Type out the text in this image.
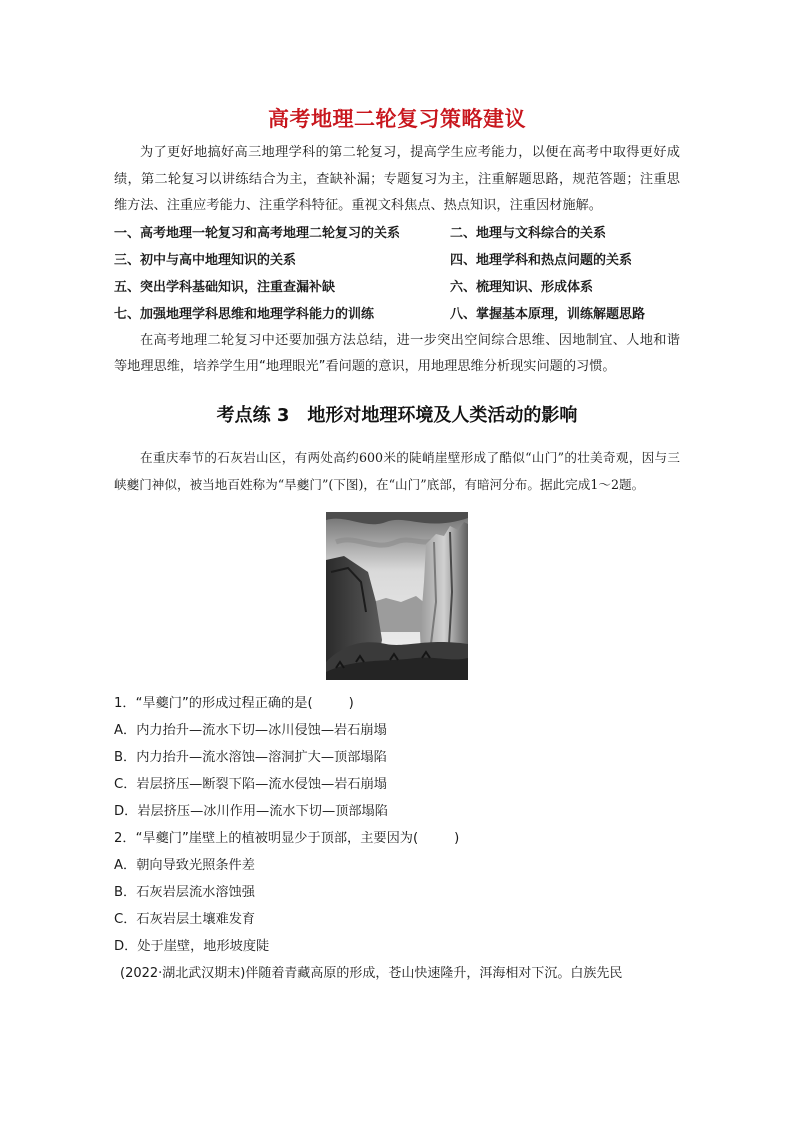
高考地理二轮复习策略建议

为了更好地搞好高三地理学科的第二轮复习，提高学生应考能力，以便在高考中取得更好成绩，第二轮复习以讲练结合为主，查缺补漏；专题复习为主，注重解题思路，规范答题；注重思维方法、注重应考能力、注重学科特征。重视文科焦点、热点知识，注重因材施解。

一、高考地理一轮复习和高考地理二轮复习的关系	二、地理与文科综合的关系
三、初中与高中地理知识的关系	四、地理学科和热点问题的关系
五、突出学科基础知识，注重查漏补缺	六、梳理知识、形成体系
七、加强地理学科思维和地理学科能力的训练	八、掌握基本原理，训练解题思路

在高考地理二轮复习中还要加强方法总结，进一步突出空间综合思维、因地制宜、人地和谐等地理思维，培养学生用“地理眼光”看问题的意识，用地理思维分析现实问题的习惯。

考点练 3 地形对地理环境及人类活动的影响

在重庆奉节的石灰岩山区，有两处高约600米的陡峭崖壁形成了酷似“山门”的壮美奇观，因与三峡夔门神似，被当地百姓称为“旱夔门”(下图)，在“山门”底部，有暗河分布。据此完成1～2题。

1．“旱夔门”的形成过程正确的是(	)
A．内力抬升—流水下切—冰川侵蚀—岩石崩塌
B．内力抬升—流水溶蚀—溶洞扩大—顶部塌陷
C．岩层挤压—断裂下陷—流水侵蚀—岩石崩塌
D．岩层挤压—冰川作用—流水下切—顶部塌陷
2．“旱夔门”崖壁上的植被明显少于顶部，主要因为(	)
A．朝向导致光照条件差
B．石灰岩层流水溶蚀强
C．石灰岩层土壤难发育
D．处于崖壁，地形坡度陡
(2022·湖北武汉期末)伴随着青藏高原的形成，苍山快速隆升，洱海相对下沉。白族先民
